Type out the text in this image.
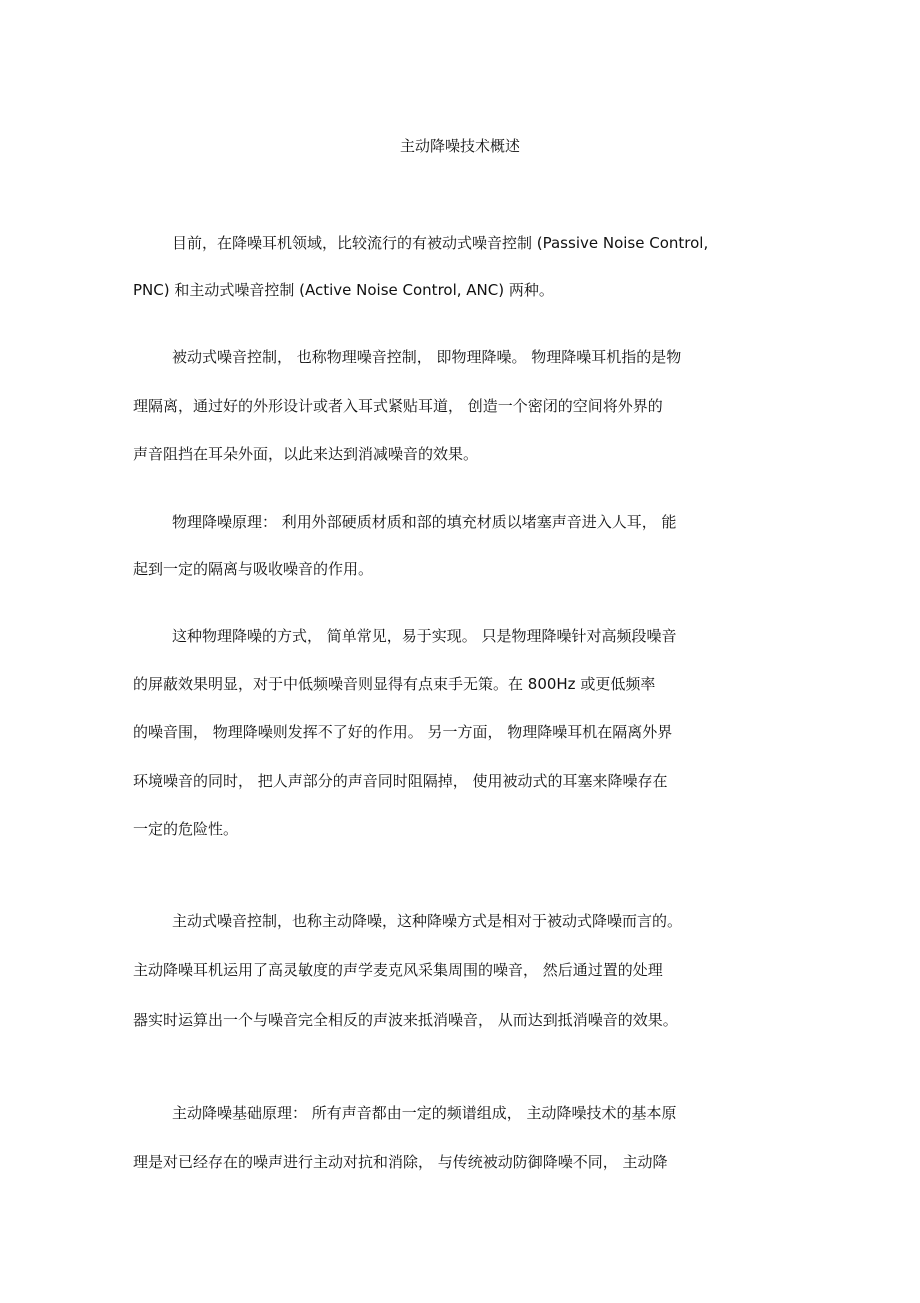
主动降噪技术概述
目前，在降噪耳机领域，比较流行的有被动式噪音控制 (Passive Noise Control,
PNC) 和主动式噪音控制 (Active Noise Control, ANC) 两种。
被动式噪音控制， 也称物理噪音控制， 即物理降噪。 物理降噪耳机指的是物
理隔离，通过好的外形设计或者入耳式紧贴耳道， 创造一个密闭的空间将外界的
声音阻挡在耳朵外面，以此来达到消减噪音的效果。
物理降噪原理： 利用外部硬质材质和部的填充材质以堵塞声音进入人耳， 能
起到一定的隔离与吸收噪音的作用。
这种物理降噪的方式， 简单常见，易于实现。 只是物理降噪针对高频段噪音
的屏蔽效果明显，对于中低频噪音则显得有点束手无策。在 800Hz 或更低频率
的噪音围， 物理降噪则发挥不了好的作用。 另一方面， 物理降噪耳机在隔离外界
环境噪音的同时， 把人声部分的声音同时阻隔掉， 使用被动式的耳塞来降噪存在
一定的危险性。
主动式噪音控制，也称主动降噪，这种降噪方式是相对于被动式降噪而言的。
主动降噪耳机运用了高灵敏度的声学麦克风采集周围的噪音， 然后通过置的处理
器实时运算出一个与噪音完全相反的声波来抵消噪音， 从而达到抵消噪音的效果。
主动降噪基础原理： 所有声音都由一定的频谱组成， 主动降噪技术的基本原
理是对已经存在的噪声进行主动对抗和消除， 与传统被动防御降噪不同， 主动降
